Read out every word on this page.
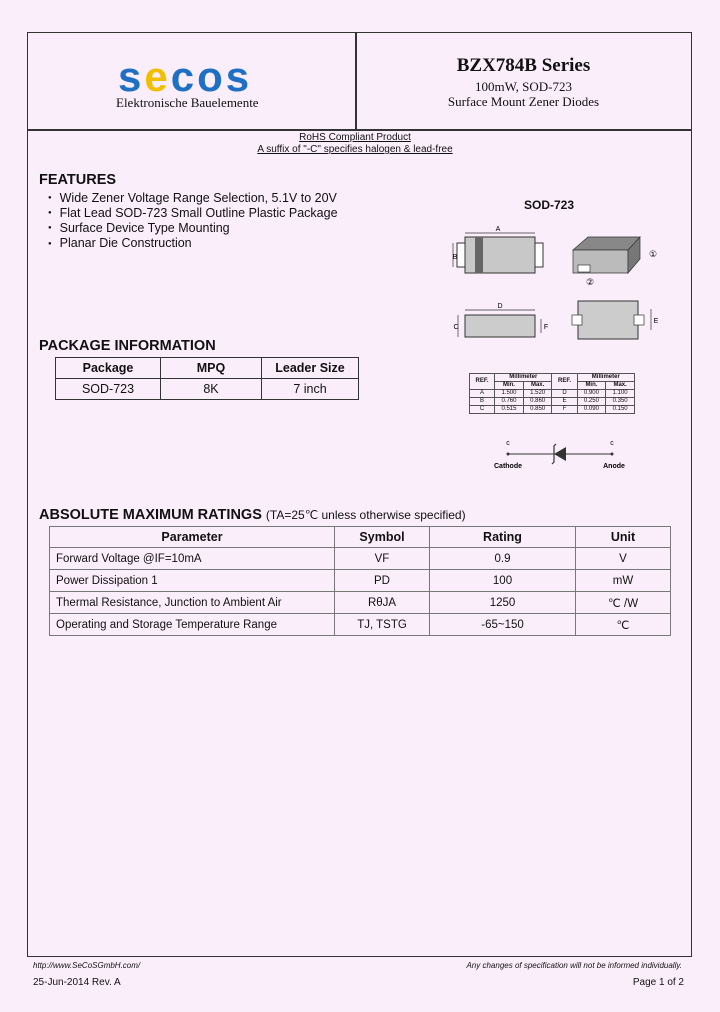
secos
Elektronische Bauelemente
BZX784B Series
100mW, SOD-723
Surface Mount Zener Diodes
RoHS Compliant Product
A suffix of "-C" specifies halogen & lead-free
FEATURES
● Wide Zener Voltage Range Selection, 5.1V to 20V
● Flat Lead SOD-723 Small Outline Plastic Package
● Surface Device Type Mounting
● Planar Die Construction
PACKAGE INFORMATION
Package	MPQ	Leader Size
SOD-723	8K	7 inch
SOD-723
A
B	①
②
D
C	F
E
REF.	Millimeter		REF.	Millimeter	
	Min.	Max.		Min.	Max.
A	1.500	1.520	D	0.900	1.100
B	0.760	0.860	E	0.250	0.350
C	0.515	0.850	F	0.090	0.150
c	c
Cathode	Anode
ABSOLUTE MAXIMUM RATINGS (TA=25℃ unless otherwise specified)
Parameter	Symbol	Rating	Unit
Forward Voltage @IF=10mA	VF	0.9	V
Power Dissipation 1	PD	100	mW
Thermal Resistance, Junction to Ambient Air	RθJA	1250	℃ /W
Operating and Storage Temperature Range	TJ, TSTG	-65~150	℃
http://www.SeCoSGmbH.com/	Any changes of specification will not be informed individually.
25-Jun-2014 Rev. A	Page 1 of 2
